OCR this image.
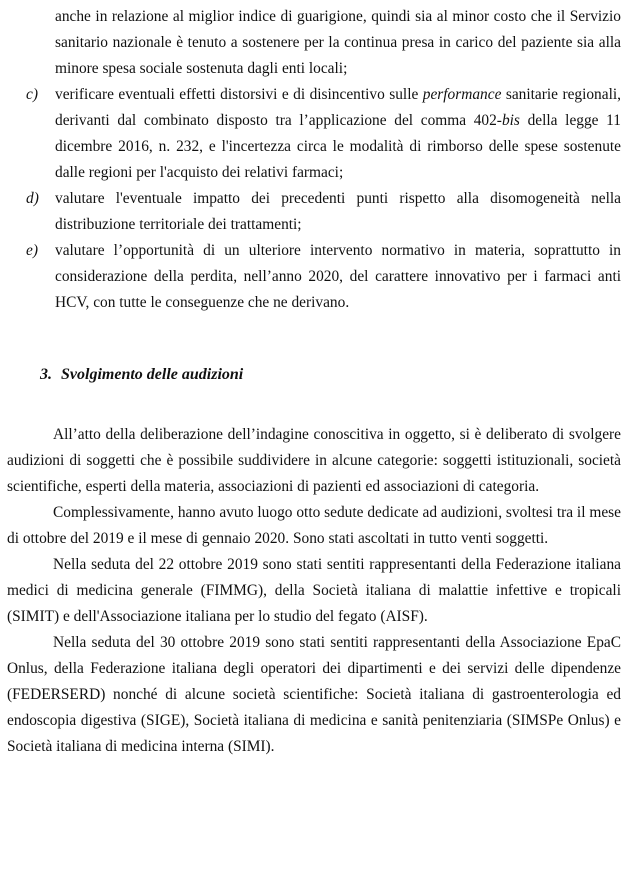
anche in relazione al miglior indice di guarigione, quindi sia al minor costo che il Servizio sanitario nazionale è tenuto a sostenere per la continua presa in carico del paziente sia alla minore spesa sociale sostenuta dagli enti locali;
c) verificare eventuali effetti distorsivi e di disincentivo sulle performance sanitarie regionali, derivanti dal combinato disposto tra l’applicazione del comma 402-bis della legge 11 dicembre 2016, n. 232, e l'incertezza circa le modalità di rimborso delle spese sostenute dalle regioni per l'acquisto dei relativi farmaci;
d) valutare l'eventuale impatto dei precedenti punti rispetto alla disomogeneità nella distribuzione territoriale dei trattamenti;
e) valutare l’opportunità di un ulteriore intervento normativo in materia, soprattutto in considerazione della perdita, nell’anno 2020, del carattere innovativo per i farmaci anti HCV, con tutte le conseguenze che ne derivano.
3. Svolgimento delle audizioni

All’atto della deliberazione dell’indagine conoscitiva in oggetto, si è deliberato di svolgere audizioni di soggetti che è possibile suddividere in alcune categorie: soggetti istituzionali, società scientifiche, esperti della materia, associazioni di pazienti ed associazioni di categoria.

Complessivamente, hanno avuto luogo otto sedute dedicate ad audizioni, svoltesi tra il mese di ottobre del 2019 e il mese di gennaio 2020. Sono stati ascoltati in tutto venti soggetti.

Nella seduta del 22 ottobre 2019 sono stati sentiti rappresentanti della Federazione italiana medici di medicina generale (FIMMG), della Società italiana di malattie infettive e tropicali (SIMIT) e dell'Associazione italiana per lo studio del fegato (AISF).

Nella seduta del 30 ottobre 2019 sono stati sentiti rappresentanti della Associazione EpaC Onlus, della Federazione italiana degli operatori dei dipartimenti e dei servizi delle dipendenze (FEDERSERD) nonché di alcune società scientifiche: Società italiana di gastroenterologia ed endoscopia digestiva (SIGE), Società italiana di medicina e sanità penitenziaria (SIMSPe Onlus) e Società italiana di medicina interna (SIMI).
